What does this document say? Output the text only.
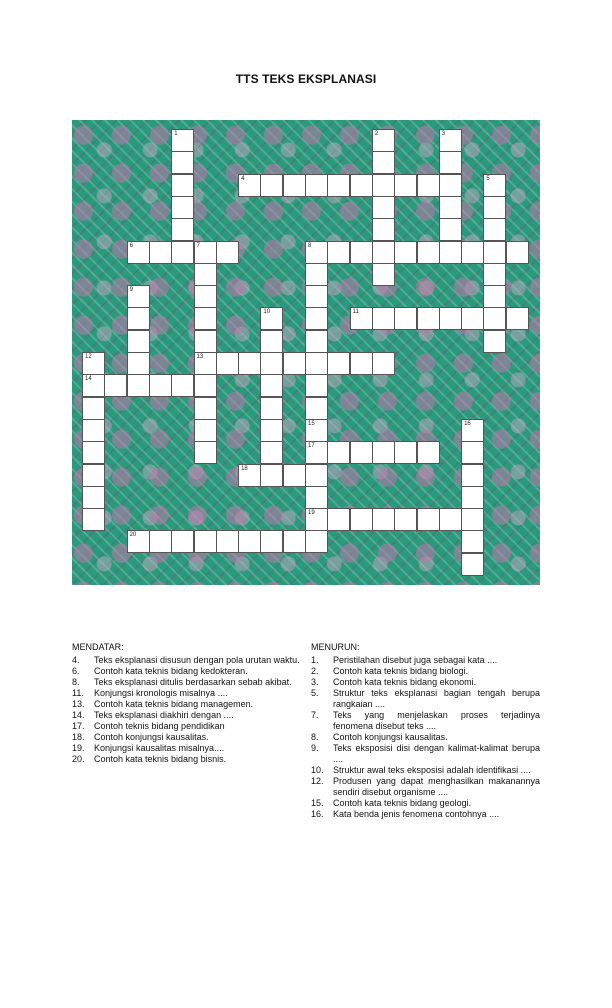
TTS TEKS EKSPLANASI
1	2	3
4	5
6	7
13
8
9
10	11
12
14
15
17
19
16
18
20
MENDATAR:
4.	Teks eksplanasi disusun dengan pola urutan waktu.
6.	Contoh kata teknis bidang kedokteran.
8.	Teks eksplanasi ditulis berdasarkan sebab akibat.
11.	Konjungsi kronologis misalnya ....
13.	Contoh kata teknis bidang managemen.
14.	Teks eksplanasi diakhiri dengan ....
17.	Contoh teknis bidang pendidikan
18.	Contoh konjungsi kausalitas.
19.	Konjungsi kausalitas misalnya....
20.	Contoh kata teknis bidang bisnis.
MENURUN:
1.	Peristilahan disebut juga sebagai kata ....
2.	Contoh kata teknis bidang biologi.
3.	Contoh kata teknis bidang ekonomi.
5.	Struktur teks eksplanasi bagian tengah berupa rangkaian ....
7.	Teks yang menjelaskan proses terjadinya fenomena disebut teks ....
8.	Contoh konjungsi kausalitas.
9.	Teks eksposisi disi dengan kalimat-kalimat berupa ....
10.	Struktur awal teks eksposisi adalah identifikasi ....
12.	Produsen yang dapat menghasilkan makanannya sendiri disebut organisme ....
15.	Contoh kata teknis bidang geologi.
16.	Kata benda jenis fenomena contohnya ....
